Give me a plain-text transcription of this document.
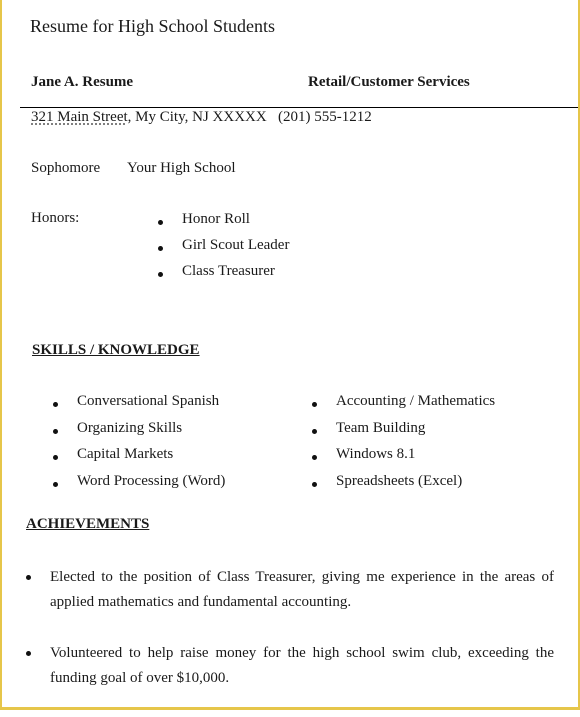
Resume for High School Students
Jane A. Resume	Retail/Customer Services
321 Main Street, My City, NJ XXXXX (201) 555-1212
Sophomore Your High School
Honors:	Honor Roll
Girl Scout Leader
Class Treasurer
SKILLS / KNOWLEDGE
Conversational Spanish
Organizing Skills
Capital Markets
Word Processing (Word)
Accounting / Mathematics
Team Building
Windows 8.1
Spreadsheets (Excel)
ACHIEVEMENTS
Elected to the position of Class Treasurer, giving me experience in the areas of applied mathematics and fundamental accounting.
Volunteered to help raise money for the high school swim club, exceeding the funding goal of over $10,000.
